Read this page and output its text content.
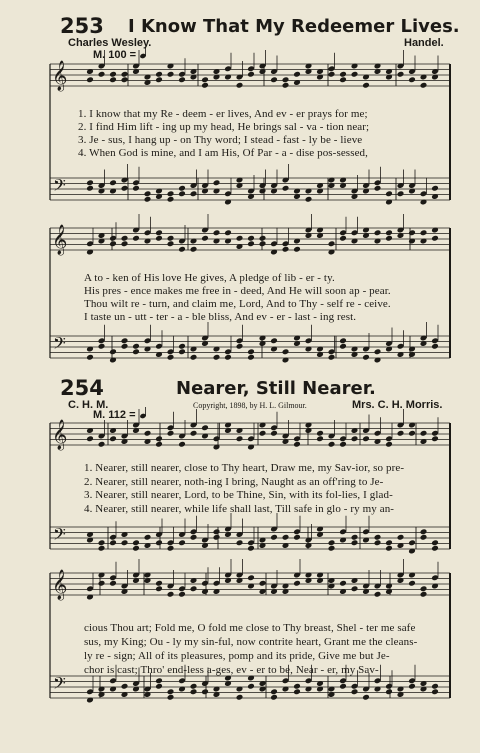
253 I Know That My Redeemer Lives.
Charles Wesley.	Handel.
M. 100 =
1. I know that my Re - deem - er lives, And ev - er prays for me;
2. I find Him lift - ing up my head, He brings sal - va - tion near;
3. Je - sus, I hang up - on Thy word; I stead - fast - ly be - lieve
4. When God is mine, and I am His, Of Par - a - dise pos-sessed,
A to - ken of His love He gives, A pledge of lib - er - ty.
His pres - ence makes me free in - deed, And He will soon ap - pear.
Thou wilt re - turn, and claim me, Lord, And to Thy - self re - ceive.
I taste un - utt - ter - a - ble bliss, And ev - er - last - ing rest.
254	Nearer, Still Nearer.
C. H. M.	Copyright, 1898, by H. L. Gilmour.	Mrs. C. H. Morris.
M. 112 =
1. Nearer, still nearer, close to Thy heart, Draw me, my Sav-ior, so pre-
2. Nearer, still nearer, noth-ing I bring, Naught as an off'ring to Je-
3. Nearer, still nearer, Lord, to be Thine, Sin, with its fol-lies, I glad-
4. Nearer, still nearer, while life shall last, Till safe in glo - ry my an-
cious Thou art; Fold me, O fold me close to Thy breast, Shel - ter me safe
sus, my King; Ou - ly my sin-ful, now contrite heart, Grant me the cleans-
ly re - sign; All of its pleasures, pomp and its pride, Give me but Je-
chor is cast; Thro' end-less a-ges, ev - er to be, Near - er, my Sav-
𝄞
𝄢
𝄞
𝄢
𝄞
𝄢
𝄞
𝄢
